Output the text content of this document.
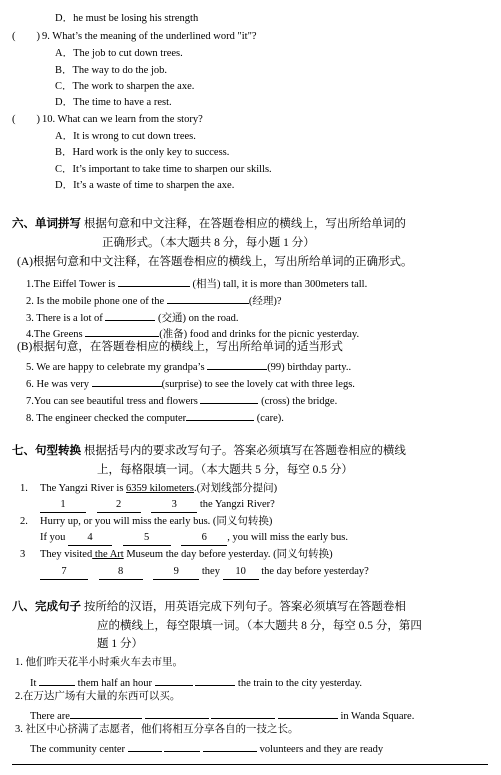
D．he must be losing his strength
(　　) 9. What’s the meaning of the underlined word "it"?
A．The job to cut down trees.
B．The way to do the job.
C．The work to sharpen the axe.
D．The time to have a rest.
(　　) 10. What can we learn from the story?
A．It is wrong to cut down trees.
B．Hard work is the only key to success.
C．It’s important to take time to sharpen our skills.
D．It’s a waste of time to sharpen the axe.
六、单词拼写 根据句意和中文注释，在答题卷相应的横线上，写出所给单词的
正确形式。（本大题共 8 分，每小题 1 分）
(A)根据句意和中文注释，在答题卷相应的横线上，写出所给单词的正确形式。
1.The Eiffel Tower is	(相当) tall, it is more than 300meters tall.
2. Is the mobile phone one of the	(经理)?
3. There is a lot of	(交通) on the road.
4.The Greens	(准备) food and drinks for the picnic yesterday.
(B)根据句意，在答题卷相应的横线上，写出所给单词的适当形式
5. We are happy to celebrate my grandpa’s	(99) birthday party..
6. He was very	(surprise) to see the lovely cat with three legs.
7.You can see beautiful tress and flowers	(cross) the bridge.
8. The engineer checked the computer	(care).
七、句型转换 根据括号内的要求改写句子。答案必须填写在答题卷相应的横线
上，每格限填一词。（本大题共 5 分，每空 0.5 分）
1. The Yangzi River is 6359 kilometers.(对划线部分提问)
1	2	3 the Yangzi River?
2. Hurry up, or you will miss the early bus. (同义句转换)
If you 4	5	6 , you will miss the early bus.
3 They visited the Art Museum the day before yesterday. (同义句转换)
7	8	9 they 10 the day before yesterday?
八、完成句子 按所给的汉语，用英语完成下列句子。答案必须填写在答题卷相
应的横线上，每空限填一词。（本大题共 8 分，每空 0.5 分，第四
题 1 分）
1. 他们昨天花半小时乘火车去市里。
It	them half an hour	the train to the city yesterday.
2.在万达广场有大量的东西可以买。
There are	in Wanda Square.
3. 社区中心挤满了志愿者，他们将相互分享各自的一技之长。
The community center	volunteers and they are ready
